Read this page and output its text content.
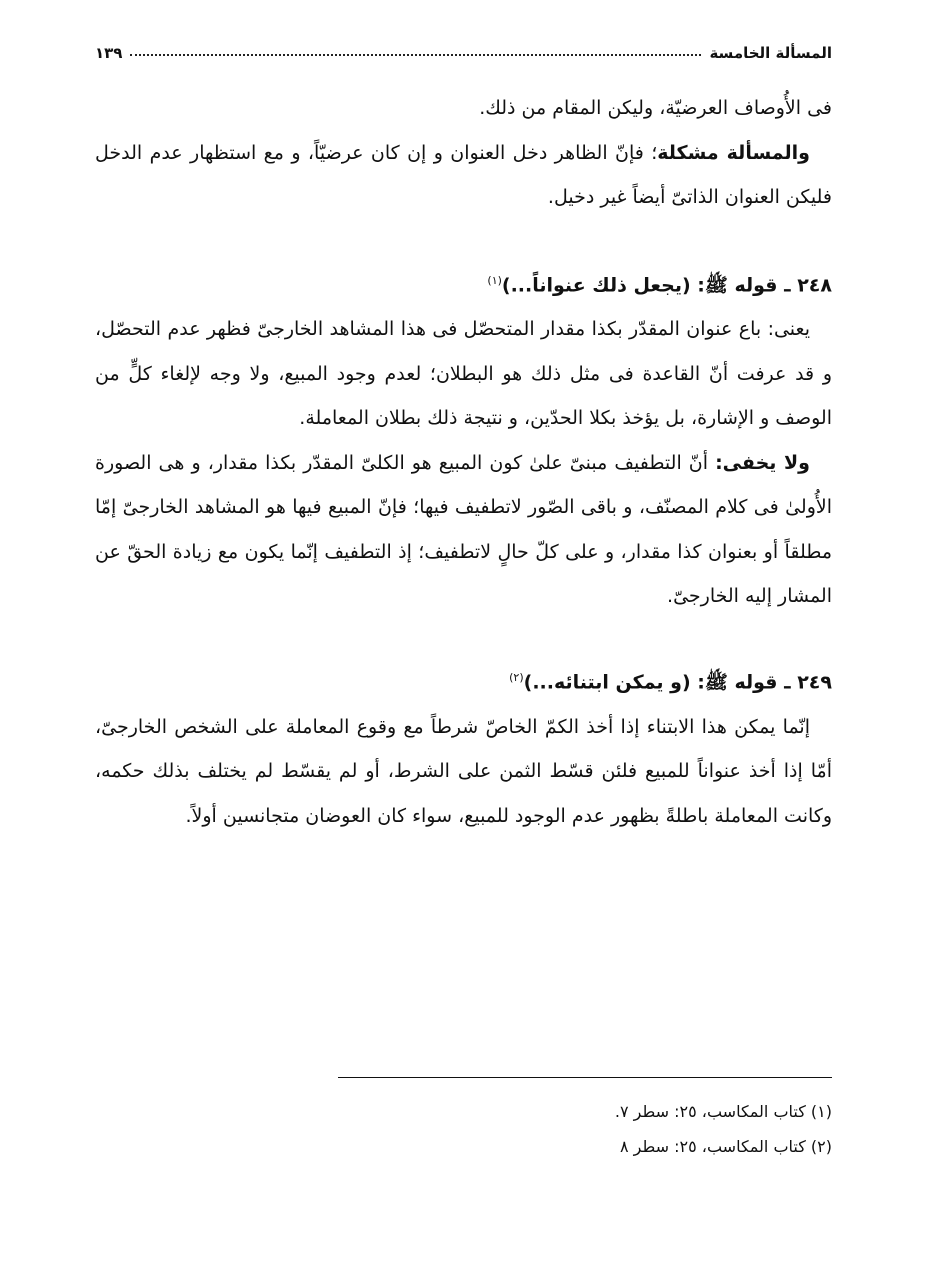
المسألة الخامسة
١٣٩

فى الأُوصاف العرضيّة، وليكن المقام من ذلك.

والمسألة مشكلة؛ فإنّ الظاهر دخل العنوان و إن كان عرضيّاً، و مع استظهار عدم الدخل فليكن العنوان الذاتىّ أيضاً غير دخيل.

٢٤٨ ـ قوله ﷺ: (يجعل ذلك عنواناً...)$^{(١)}$

يعنى: باع عنوان المقدّر بكذا مقدار المتحصّل فى هذا المشاهد الخارجىّ فظهر عدم التحصّل، و قد عرفت أنّ القاعدة فى مثل ذلك هو البطلان؛ لعدم وجود المبيع، ولا وجه لإلغاء كلٍّ من الوصف و الإشارة، بل يؤخذ بكلا الحدّين، و نتيجة ذلك بطلان المعاملة.

ولا يخفى: أنّ التطفيف مبنىّ علىٰ كون المبيع هو الكلىّ المقدّر بكذا مقدار، و هى الصورة الأُولىٰ فى كلام المصنّف، و باقى الصّور لاتطفيف فيها؛ فإنّ المبيع فيها هو المشاهد الخارجىّ إمّا مطلقاً أو بعنوان كذا مقدار، و على كلّ حالٍ لاتطفيف؛ إذ التطفيف إنّما يكون مع زيادة الحقّ عن المشار إليه الخارجىّ.

٢٤٩ ـ قوله ﷺ: (و يمكن ابتنائه...)$^{(٢)}$

إنّما يمكن هذا الابتناء إذا أخذ الكمّ الخاصّ شرطاً مع وقوع المعاملة على الشخص الخارجىّ، أمّا إذا أخذ عنواناً للمبيع فلئن قسّط الثمن على الشرط، أو لم يقسّط لم يختلف بذلك حكمه، وكانت المعاملة باطلةً بظهور عدم الوجود للمبيع، سواء كان العوضان متجانسين أولاً.

(١) كتاب المكاسب، ٢٥: سطر ٧.

(٢) كتاب المكاسب، ٢٥: سطر ٨
